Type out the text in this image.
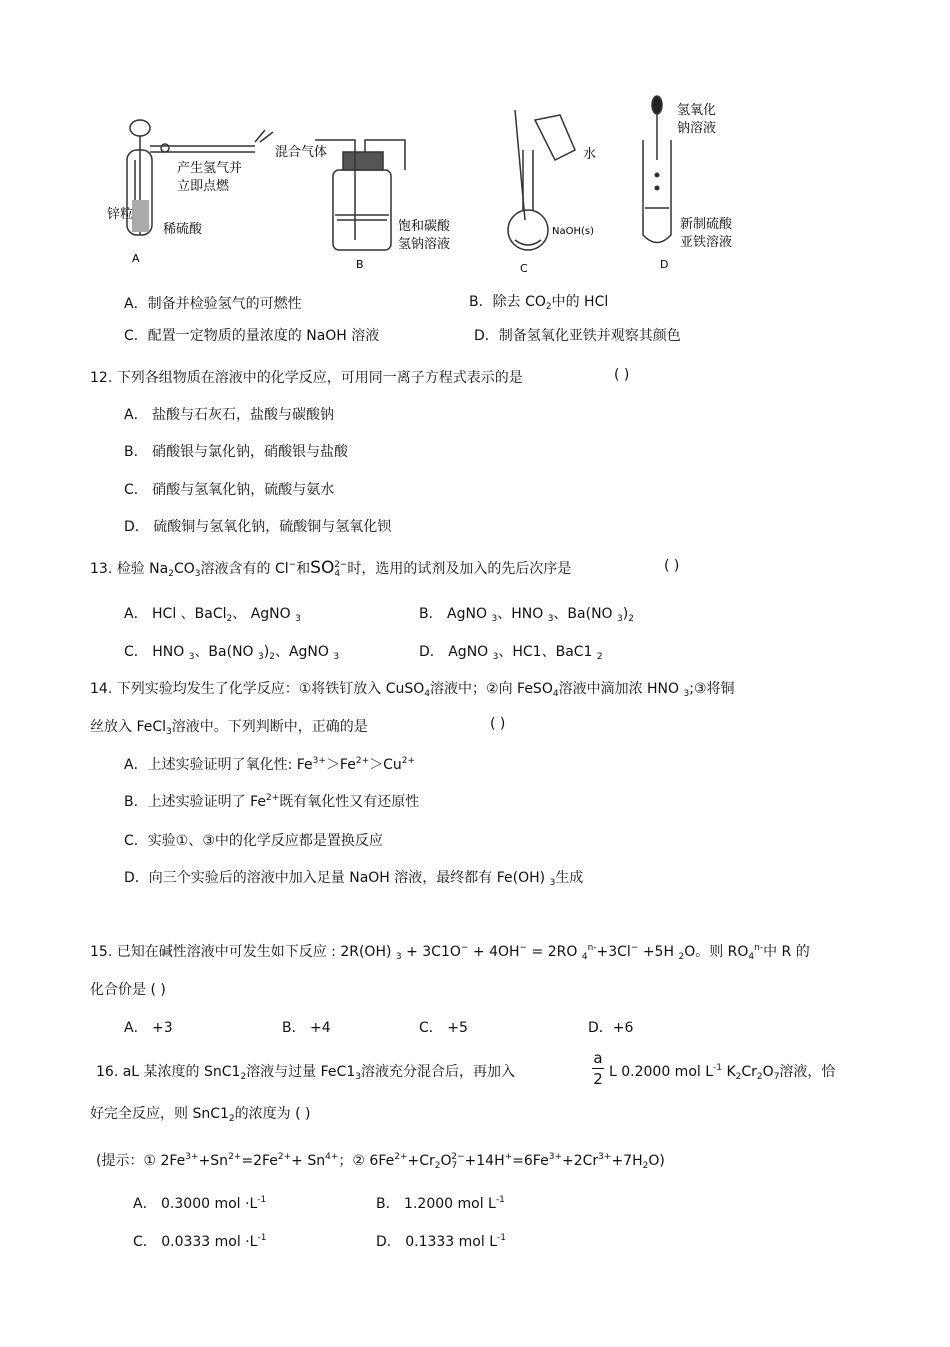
产生氢气并
立即点燃
锌粒
稀硫酸
A
混合气体
饱和碳酸
氢钠溶液
B
水
NaOH(s)
C
氢氧化
钠溶液
新制硫酸
亚铁溶液
D
A．制备并检验氢气的可燃性	B．除去 $CO_2$中的 HCl
C．配置一定物质的量浓度的 NaOH 溶液	D．制备氢氧化亚铁并观察其颜色
12. 下列各组物质在溶液中的化学反应，可用同一离子方程式表示的是	( )
A． 盐酸与石灰石，盐酸与碳酸钠
B． 硝酸银与氯化钠，硝酸银与盐酸
C． 硝酸与氢氧化钠，硫酸与氨水
D． 硫酸铜与氢氧化钠，硫酸铜与氢氧化钡
13. 检验 $Na_2CO_3$溶液含有的 Cl−和$SO_4^{2-}$时，选用的试剂及加入的先后次序是	( )
A． HCl 、BaCl$_2$、 AgNO $_3$	B． AgNO $_3$、HNO $_3$、Ba(NO $_3)_2$
C． HNO $_3$、Ba(NO $_3)_2$、AgNO $_3$	D． AgNO $_3$、HC1、BaC1 $_2$
14. 下列实验均发生了化学反应：①将铁钉放入 CuSO$_4$溶液中；②向 FeSO$_4$溶液中滴加浓 HNO $_3$;③将铜
丝放入 FeCl$_3$溶液中。下列判断中，正确的是	( )
A．上述实验证明了氧化性: $Fe^{3+}>Fe^{2+}>Cu^{2+}$
B．上述实验证明了 $Fe^{2+}$既有氧化性又有还原性
C．实验①、③中的化学反应都是置换反应
D．向三个实验后的溶液中加入足量 NaOH 溶液，最终都有 Fe(OH) $_3$生成
15. 已知在碱性溶液中可发生如下反应 : 2R(OH) $_3$ + 3C1O− + 4OH− = 2RO $_4^{n-}$+3Cl− +5H $_2$O。则 $RO_4^{n-}$中 R 的
化合价是 ( )
A． +3	B． +4	C． +5	D．+6
16. aL 某浓度的 $SnC1_2$溶液与过量 $FeC1_3$溶液充分混合后，再加入
a
2 L 0.2000 mol $L^{-1}$ $K_2Cr_2O_7$溶液，恰
好完全反应，则 $SnC1_2$的浓度为 ( )
(提示：① $2Fe^{3+}+Sn^{2+}=2Fe^{2+}+ Sn^{4+}$；② $6Fe^{2+}+Cr_2O_7^{2-}+14H^+=6Fe^{3+}+2Cr^{3+}+7H_2O$)
A． 0.3000 mol $\cdot L^{-1}$	B． 1.2000 mol $L^{-1}$
C． 0.0333 mol $\cdot L^{-1}$	D． 0.1333 mol $L^{-1}$
